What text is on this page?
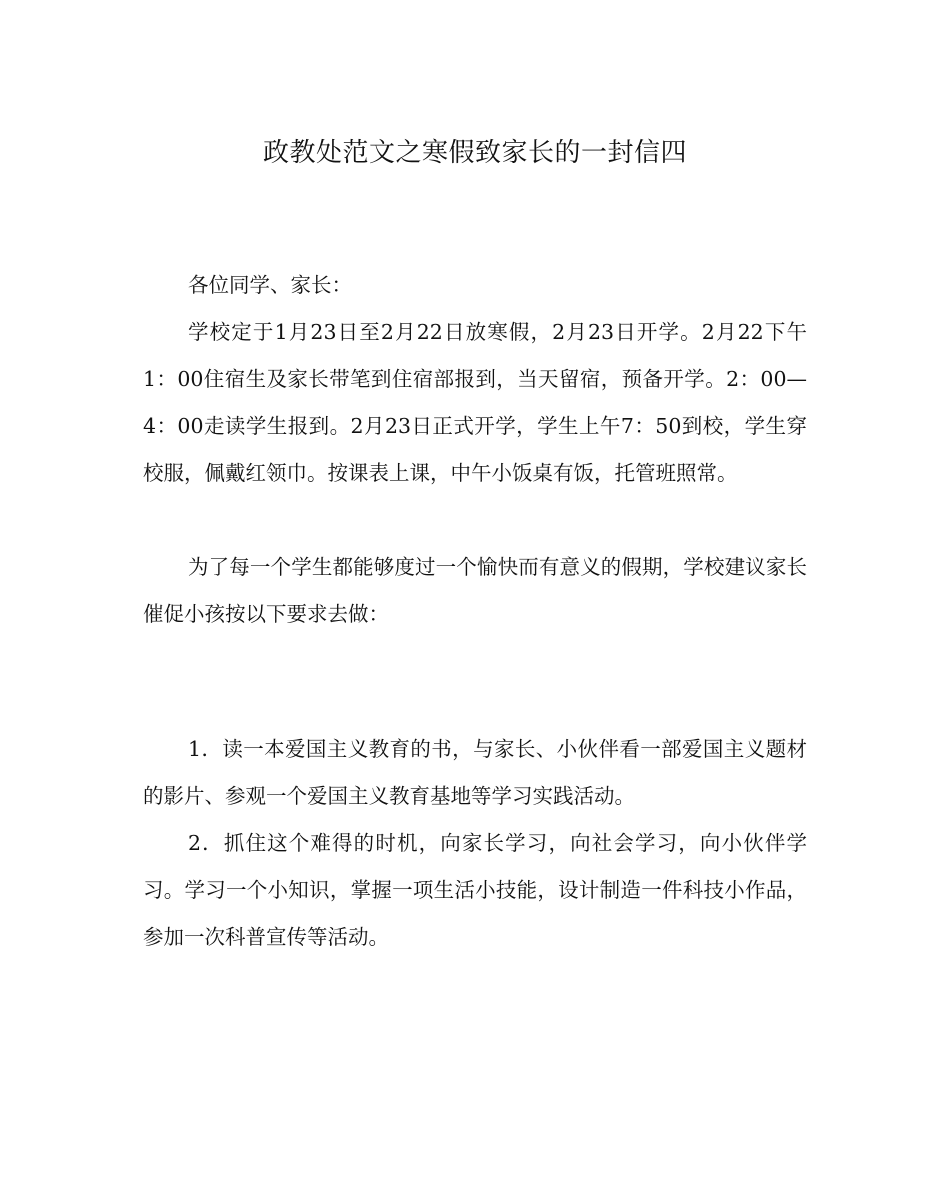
政教处范文之寒假致家长的一封信四

各位同学、家长：

学校定于1月23日至2月22日放寒假，2月23日开学。2月22下午1：00住宿生及家长带笔到住宿部报到，当天留宿，预备开学。2：00—4：00走读学生报到。2月23日正式开学，学生上午7：50到校，学生穿校服，佩戴红领巾。按课表上课，中午小饭桌有饭，托管班照常。

为了每一个学生都能够度过一个愉快而有意义的假期，学校建议家长催促小孩按以下要求去做：

1．读一本爱国主义教育的书，与家长、小伙伴看一部爱国主义题材的影片、参观一个爱国主义教育基地等学习实践活动。

2．抓住这个难得的时机，向家长学习，向社会学习，向小伙伴学习。学习一个小知识，掌握一项生活小技能，设计制造一件科技小作品，参加一次科普宣传等活动。
